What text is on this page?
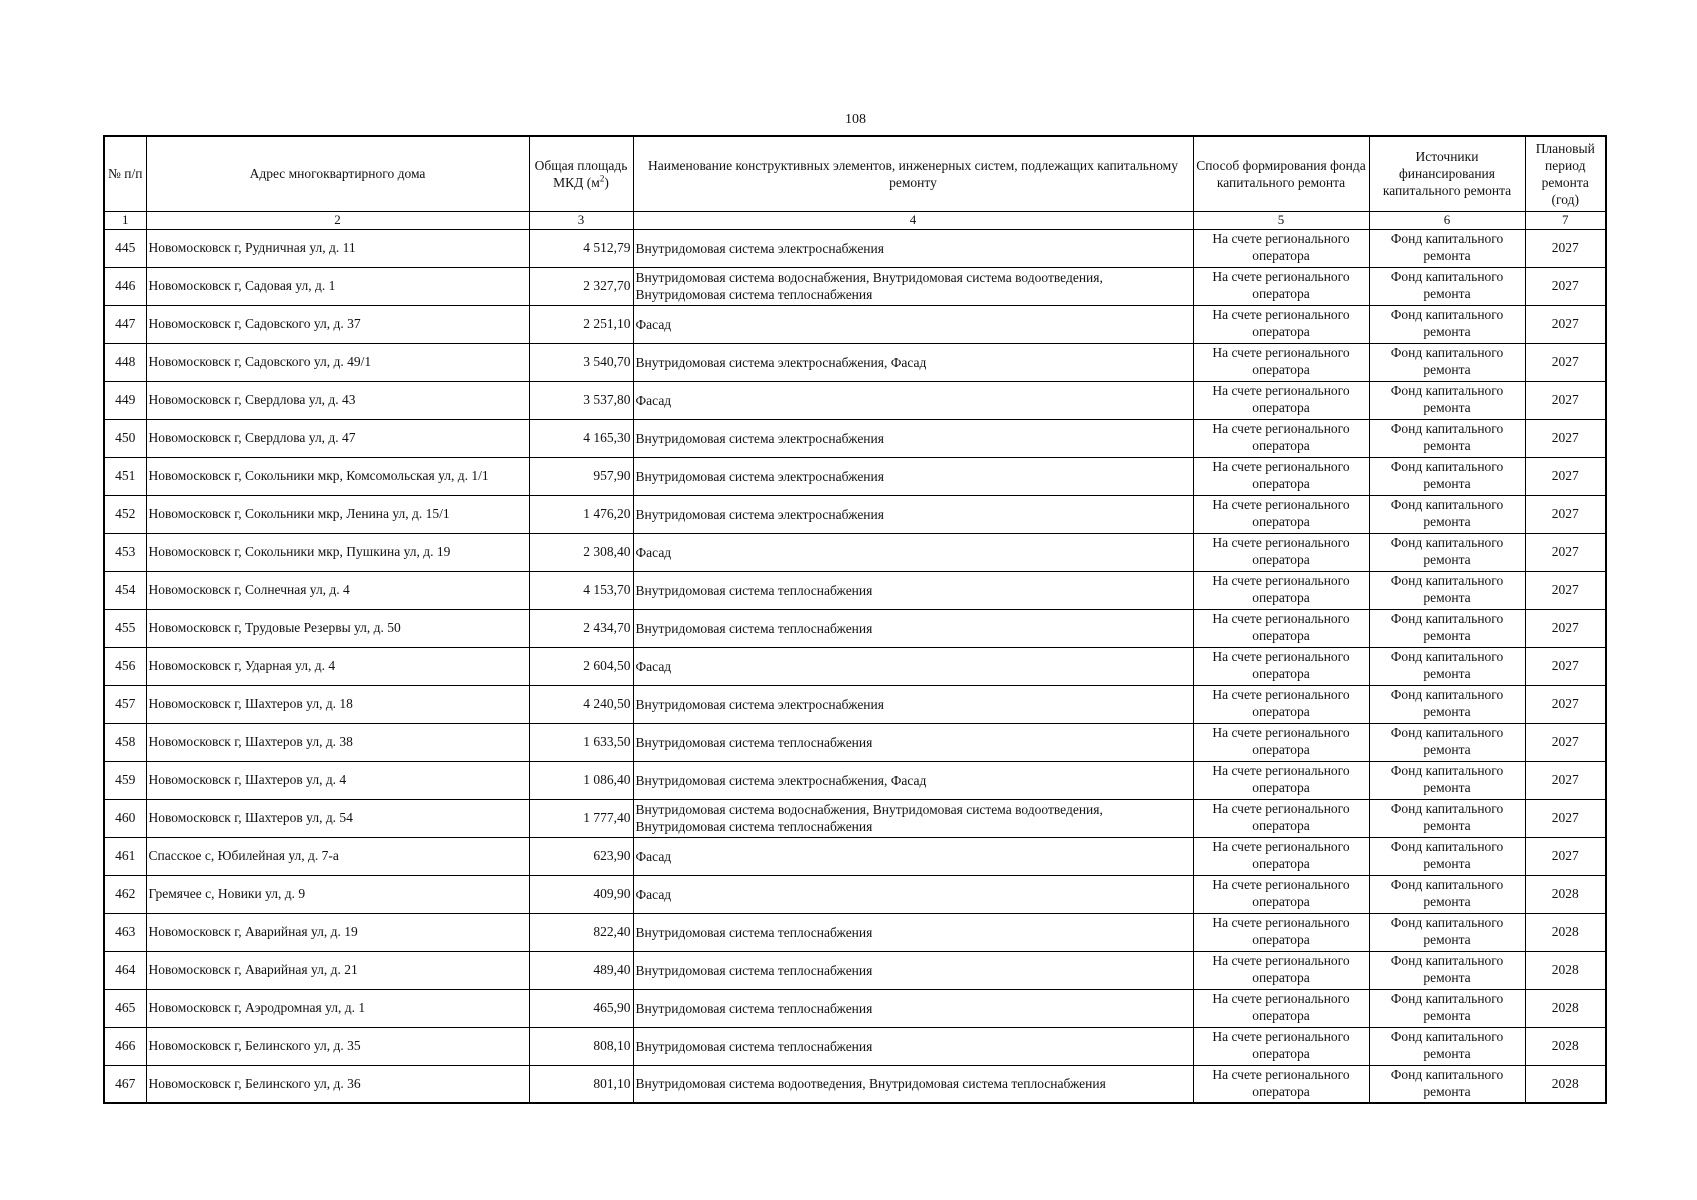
108
№ п/п	Адрес многоквартирного дома	Общая площадь МКД $(м^2)$	Наименование конструктивных элементов, инженерных систем, подлежащих капитальному ремонту	Способ формирования фонда капитального ремонта	Источники финансирования капитального ремонта	Плановый период ремонта (год)
1	2	3	4	5	6	7
445	Новомосковск г, Рудничная ул, д. 11	4 512,79	Внутридомовая система электроснабжения	На счете регионального оператора	Фонд капитального ремонта	2027
446	Новомосковск г, Садовая ул, д. 1	2 327,70	Внутридомовая система водоснабжения, Внутридомовая система водоотведения, Внутридомовая система теплоснабжения	На счете регионального оператора	Фонд капитального ремонта	2027
447	Новомосковск г, Садовского ул, д. 37	2 251,10	Фасад	На счете регионального оператора	Фонд капитального ремонта	2027
448	Новомосковск г, Садовского ул, д. 49/1	3 540,70	Внутридомовая система электроснабжения, Фасад	На счете регионального оператора	Фонд капитального ремонта	2027
449	Новомосковск г, Свердлова ул, д. 43	3 537,80	Фасад	На счете регионального оператора	Фонд капитального ремонта	2027
450	Новомосковск г, Свердлова ул, д. 47	4 165,30	Внутридомовая система электроснабжения	На счете регионального оператора	Фонд капитального ремонта	2027
451	Новомосковск г, Сокольники мкр, Комсомольская ул, д. 1/1	957,90	Внутридомовая система электроснабжения	На счете регионального оператора	Фонд капитального ремонта	2027
452	Новомосковск г, Сокольники мкр, Ленина ул, д. 15/1	1 476,20	Внутридомовая система электроснабжения	На счете регионального оператора	Фонд капитального ремонта	2027
453	Новомосковск г, Сокольники мкр, Пушкина ул, д. 19	2 308,40	Фасад	На счете регионального оператора	Фонд капитального ремонта	2027
454	Новомосковск г, Солнечная ул, д. 4	4 153,70	Внутридомовая система теплоснабжения	На счете регионального оператора	Фонд капитального ремонта	2027
455	Новомосковск г, Трудовые Резервы ул, д. 50	2 434,70	Внутридомовая система теплоснабжения	На счете регионального оператора	Фонд капитального ремонта	2027
456	Новомосковск г, Ударная ул, д. 4	2 604,50	Фасад	На счете регионального оператора	Фонд капитального ремонта	2027
457	Новомосковск г, Шахтеров ул, д. 18	4 240,50	Внутридомовая система электроснабжения	На счете регионального оператора	Фонд капитального ремонта	2027
458	Новомосковск г, Шахтеров ул, д. 38	1 633,50	Внутридомовая система теплоснабжения	На счете регионального оператора	Фонд капитального ремонта	2027
459	Новомосковск г, Шахтеров ул, д. 4	1 086,40	Внутридомовая система электроснабжения, Фасад	На счете регионального оператора	Фонд капитального ремонта	2027
460	Новомосковск г, Шахтеров ул, д. 54	1 777,40	Внутридомовая система водоснабжения, Внутридомовая система водоотведения, Внутридомовая система теплоснабжения	На счете регионального оператора	Фонд капитального ремонта	2027
461	Спасское с, Юбилейная ул, д. 7-а	623,90	Фасад	На счете регионального оператора	Фонд капитального ремонта	2027
462	Гремячее с, Новики ул, д. 9	409,90	Фасад	На счете регионального оператора	Фонд капитального ремонта	2028
463	Новомосковск г, Аварийная ул, д. 19	822,40	Внутридомовая система теплоснабжения	На счете регионального оператора	Фонд капитального ремонта	2028
464	Новомосковск г, Аварийная ул, д. 21	489,40	Внутридомовая система теплоснабжения	На счете регионального оператора	Фонд капитального ремонта	2028
465	Новомосковск г, Аэродромная ул, д. 1	465,90	Внутридомовая система теплоснабжения	На счете регионального оператора	Фонд капитального ремонта	2028
466	Новомосковск г, Белинского ул, д. 35	808,10	Внутридомовая система теплоснабжения	На счете регионального оператора	Фонд капитального ремонта	2028
467	Новомосковск г, Белинского ул, д. 36	801,10	Внутридомовая система водоотведения, Внутридомовая система теплоснабжения	На счете регионального оператора	Фонд капитального ремонта	2028
